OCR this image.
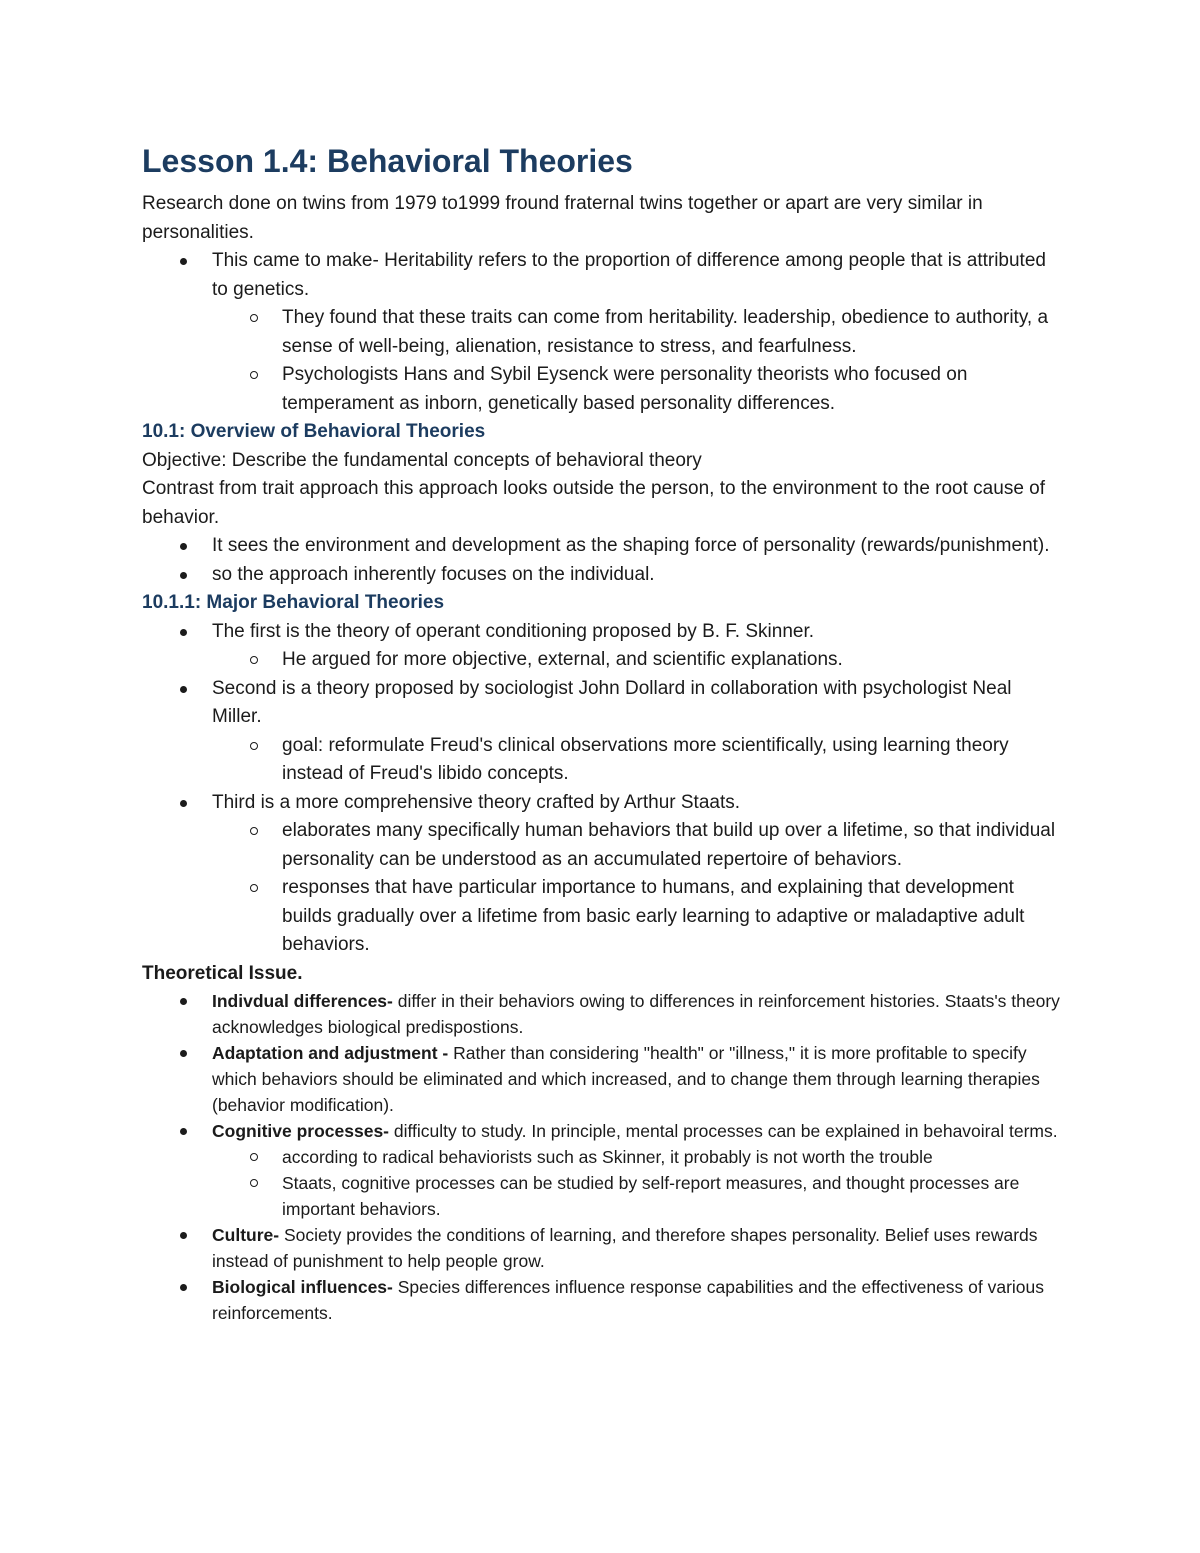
Lesson 1.4: Behavioral Theories

Research done on twins from 1979 to1999 fround fraternal twins together or apart are very similar in personalities.

This came to make- Heritability refers to the proportion of difference among people that is attributed to genetics.
They found that these traits can come from heritability. leadership, obedience to authority, a sense of well-being, alienation, resistance to stress, and fearfulness.
Psychologists Hans and Sybil Eysenck were personality theorists who focused on temperament as inborn, genetically based personality differences.

10.1: Overview of Behavioral Theories

Objective: Describe the fundamental concepts of behavioral theory

Contrast from trait approach this approach looks outside the person, to the environment to the root cause of behavior.

It sees the environment and development as the shaping force of personality (rewards/punishment).
so the approach inherently focuses on the individual.

10.1.1: Major Behavioral Theories

The first is the theory of operant conditioning proposed by B. F. Skinner.
He argued for more objective, external, and scientific explanations.
Second is a theory proposed by sociologist John Dollard in collaboration with psychologist Neal Miller.
goal: reformulate Freud's clinical observations more scientifically, using learning theory instead of Freud's libido concepts.
Third is a more comprehensive theory crafted by Arthur Staats.
elaborates many specifically human behaviors that build up over a lifetime, so that individual personality can be understood as an accumulated repertoire of behaviors.
responses that have particular importance to humans, and explaining that development builds gradually over a lifetime from basic early learning to adaptive or maladaptive adult behaviors.

Theoretical Issue.

Indivdual differences- differ in their behaviors owing to differences in reinforcement histories. Staats's theory acknowledges biological predispostions.
Adaptation and adjustment - Rather than considering "health" or "illness," it is more profitable to specify which behaviors should be eliminated and which increased, and to change them through learning therapies (behavior modification).
Cognitive processes- difficulty to study. In principle, mental processes can be explained in behavoiral terms.
according to radical behaviorists such as Skinner, it probably is not worth the trouble
Staats, cognitive processes can be studied by self-report measures, and thought processes are important behaviors.
Culture- Society provides the conditions of learning, and therefore shapes personality. Belief uses rewards instead of punishment to help people grow.
Biological influences- Species differences influence response capabilities and the effectiveness of various reinforcements.
